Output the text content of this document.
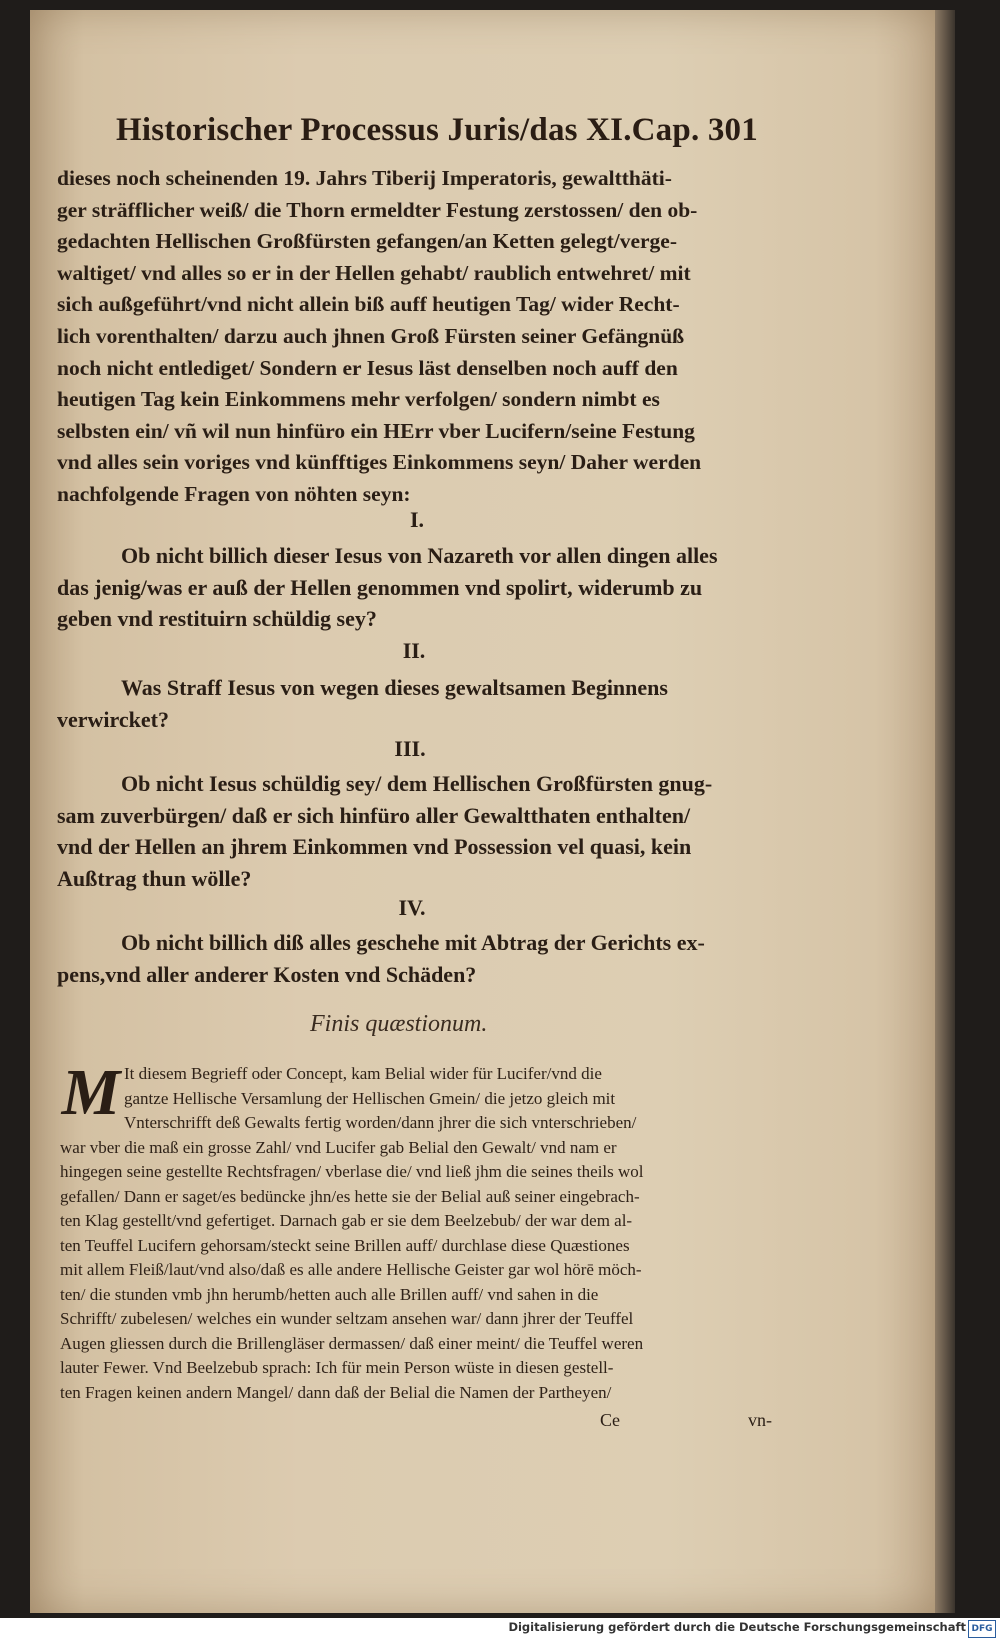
Historischer Processus Juris/das XI.Cap. 301
dieses noch scheinenden 19. Jahrs Tiberij Imperatoris, gewaltthäti-
ger sträfflicher weiß/ die Thorn ermeldter Festung zerstossen/ den ob-
gedachten Hellischen Großfürsten gefangen/an Ketten gelegt/verge-
waltiget/ vnd alles so er in der Hellen gehabt/ raublich entwehret/ mit
sich außgeführt/vnd nicht allein biß auff heutigen Tag/ wider Recht-
lich vorenthalten/ darzu auch jhnen Groß Fürsten seiner Gefängnüß
noch nicht entlediget/ Sondern er Iesus läst denselben noch auff den
heutigen Tag kein Einkommens mehr verfolgen/ sondern nimbt es
selbsten ein/ vñ wil nun hinfüro ein HErr vber Lucifern/seine Festung
vnd alles sein voriges vnd künfftiges Einkommens seyn/ Daher werden
nachfolgende Fragen von nöhten seyn:
I.
Ob nicht billich dieser Iesus von Nazareth vor allen dingen alles
das jenig/was er auß der Hellen genommen vnd spolirt, widerumb zu
geben vnd restituirn schüldig sey?
II.
Was Straff Iesus von wegen dieses gewaltsamen Beginnens
verwircket?
III.
Ob nicht Iesus schüldig sey/ dem Hellischen Großfürsten gnug-
sam zuverbürgen/ daß er sich hinfüro aller Gewaltthaten enthalten/
vnd der Hellen an jhrem Einkommen vnd Possession vel quasi, kein
Außtrag thun wölle?
IV.
Ob nicht billich diß alles geschehe mit Abtrag der Gerichts ex-
pens,vnd aller anderer Kosten vnd Schäden?
Finis quæstionum.
M It diesem Begrieff oder Concept, kam Belial wider für Lucifer/vnd die
gantze Hellische Versamlung der Hellischen Gmein/ die jetzo gleich mit
Vnterschrifft deß Gewalts fertig worden/dann jhrer die sich vnterschrieben/
war vber die maß ein grosse Zahl/ vnd Lucifer gab Belial den Gewalt/ vnd nam er
hingegen seine gestellte Rechtsfragen/ vberlase die/ vnd ließ jhm die seines theils wol
gefallen/ Dann er saget/es bedüncke jhn/es hette sie der Belial auß seiner eingebrach-
ten Klag gestellt/vnd gefertiget. Darnach gab er sie dem Beelzebub/ der war dem al-
ten Teuffel Lucifern gehorsam/steckt seine Brillen auff/ durchlase diese Quæstiones
mit allem Fleiß/laut/vnd also/daß es alle andere Hellische Geister gar wol hörē möch-
ten/ die stunden vmb jhn herumb/hetten auch alle Brillen auff/ vnd sahen in die
Schrifft/ zubelesen/ welches ein wunder seltzam ansehen war/ dann jhrer der Teuffel
Augen gliessen durch die Brillengläser dermassen/ daß einer meint/ die Teuffel weren
lauter Fewer. Vnd Beelzebub sprach: Ich für mein Person wüste in diesen gestell-
ten Fragen keinen andern Mangel/ dann daß der Belial die Namen der Partheyen/
Ce	vn-
Digitalisierung gefördert durch die Deutsche Forschungsgemeinschaft DFG
